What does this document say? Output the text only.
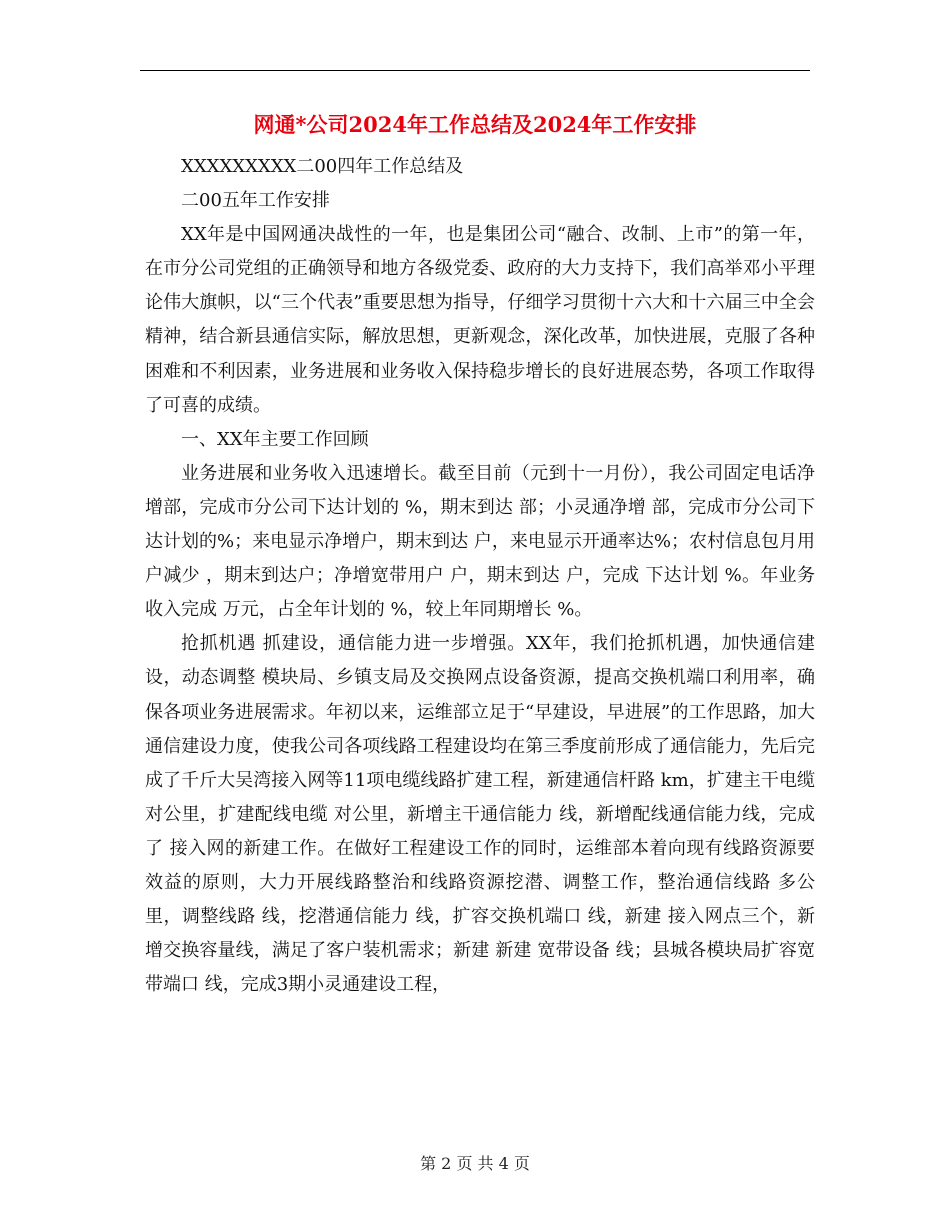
网通*公司2024年工作总结及2024年工作安排

XXXXXXXXX二00四年工作总结及

二00五年工作安排

XX年是中国网通决战性的一年，也是集团公司“融合、改制、上市”的第一年，在市分公司党组的正确领导和地方各级党委、政府的大力支持下，我们高举邓小平理论伟大旗帜，以“三个代表”重要思想为指导，仔细学习贯彻十六大和十六届三中全会精神，结合新县通信实际，解放思想，更新观念，深化改革，加快进展，克服了各种困难和不利因素，业务进展和业务收入保持稳步增长的良好进展态势，各项工作取得了可喜的成绩。

一、XX年主要工作回顾

业务进展和业务收入迅速增长。截至目前（元到十一月份），我公司固定电话净增部，完成市分公司下达计划的 %，期末到达 部；小灵通净增 部，完成市分公司下达计划的%；来电显示净增户，期末到达 户，来电显示开通率达%；农村信息包月用户减少 ，期末到达户；净增宽带用户 户，期末到达 户，完成 下达计划 %。年业务收入完成 万元，占全年计划的 %，较上年同期增长 %。

抢抓机遇 抓建设，通信能力进一步增强。XX年，我们抢抓机遇，加快通信建设，动态调整 模块局、乡镇支局及交换网点设备资源，提高交换机端口利用率，确保各项业务进展需求。年初以来，运维部立足于“早建设，早进展”的工作思路，加大通信建设力度，使我公司各项线路工程建设均在第三季度前形成了通信能力，先后完成了千斤大吴湾接入网等11项电缆线路扩建工程，新建通信杆路 km，扩建主干电缆 对公里，扩建配线电缆 对公里，新增主干通信能力 线，新增配线通信能力线，完成了 接入网的新建工作。在做好工程建设工作的同时，运维部本着向现有线路资源要效益的原则，大力开展线路整治和线路资源挖潜、调整工作，整治通信线路 多公里，调整线路 线，挖潜通信能力 线，扩容交换机端口 线，新建 接入网点三个，新增交换容量线，满足了客户装机需求；新建 新建 宽带设备 线；县城各模块局扩容宽带端口 线，完成3期小灵通建设工程，

第 2 页 共 4 页
